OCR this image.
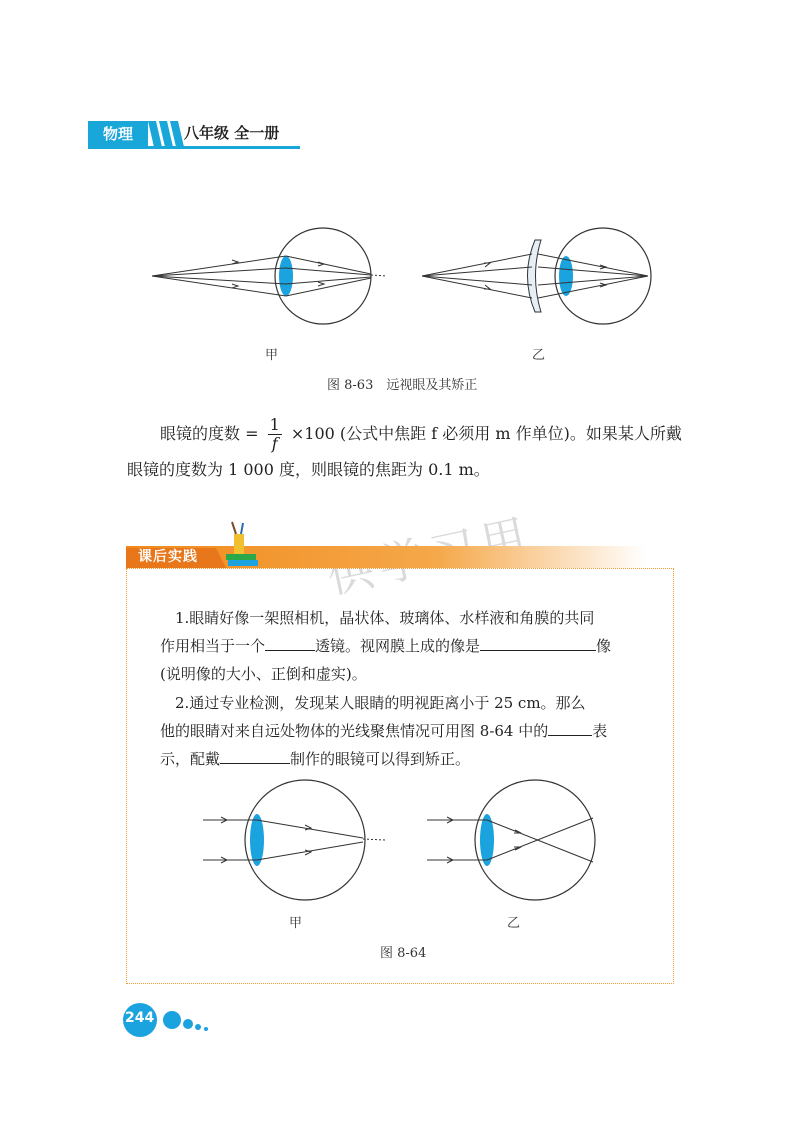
物理	八年级 全一册
甲	乙
图 8-63　远视眼及其矫正
眼镜的度数 = $\frac{1}{f} \times 100$ (公式中焦距 f 必须用 m 作单位)。如果某人所戴
眼镜的度数为 1 000 度，则眼镜的焦距为 0.1 m。
课后实践
1.眼睛好像一架照相机，晶状体、玻璃体、水样液和角膜的共同
作用相当于一个	透镜。视网膜上成的像是	像
(说明像的大小、正倒和虚实)。
2.通过专业检测，发现某人眼睛的明视距离小于 25 cm。那么
他的眼睛对来自远处物体的光线聚焦情况可用图 8-64 中的	表
示，配戴	制作的眼镜可以得到矫正。
甲	乙
图 8-64
244
